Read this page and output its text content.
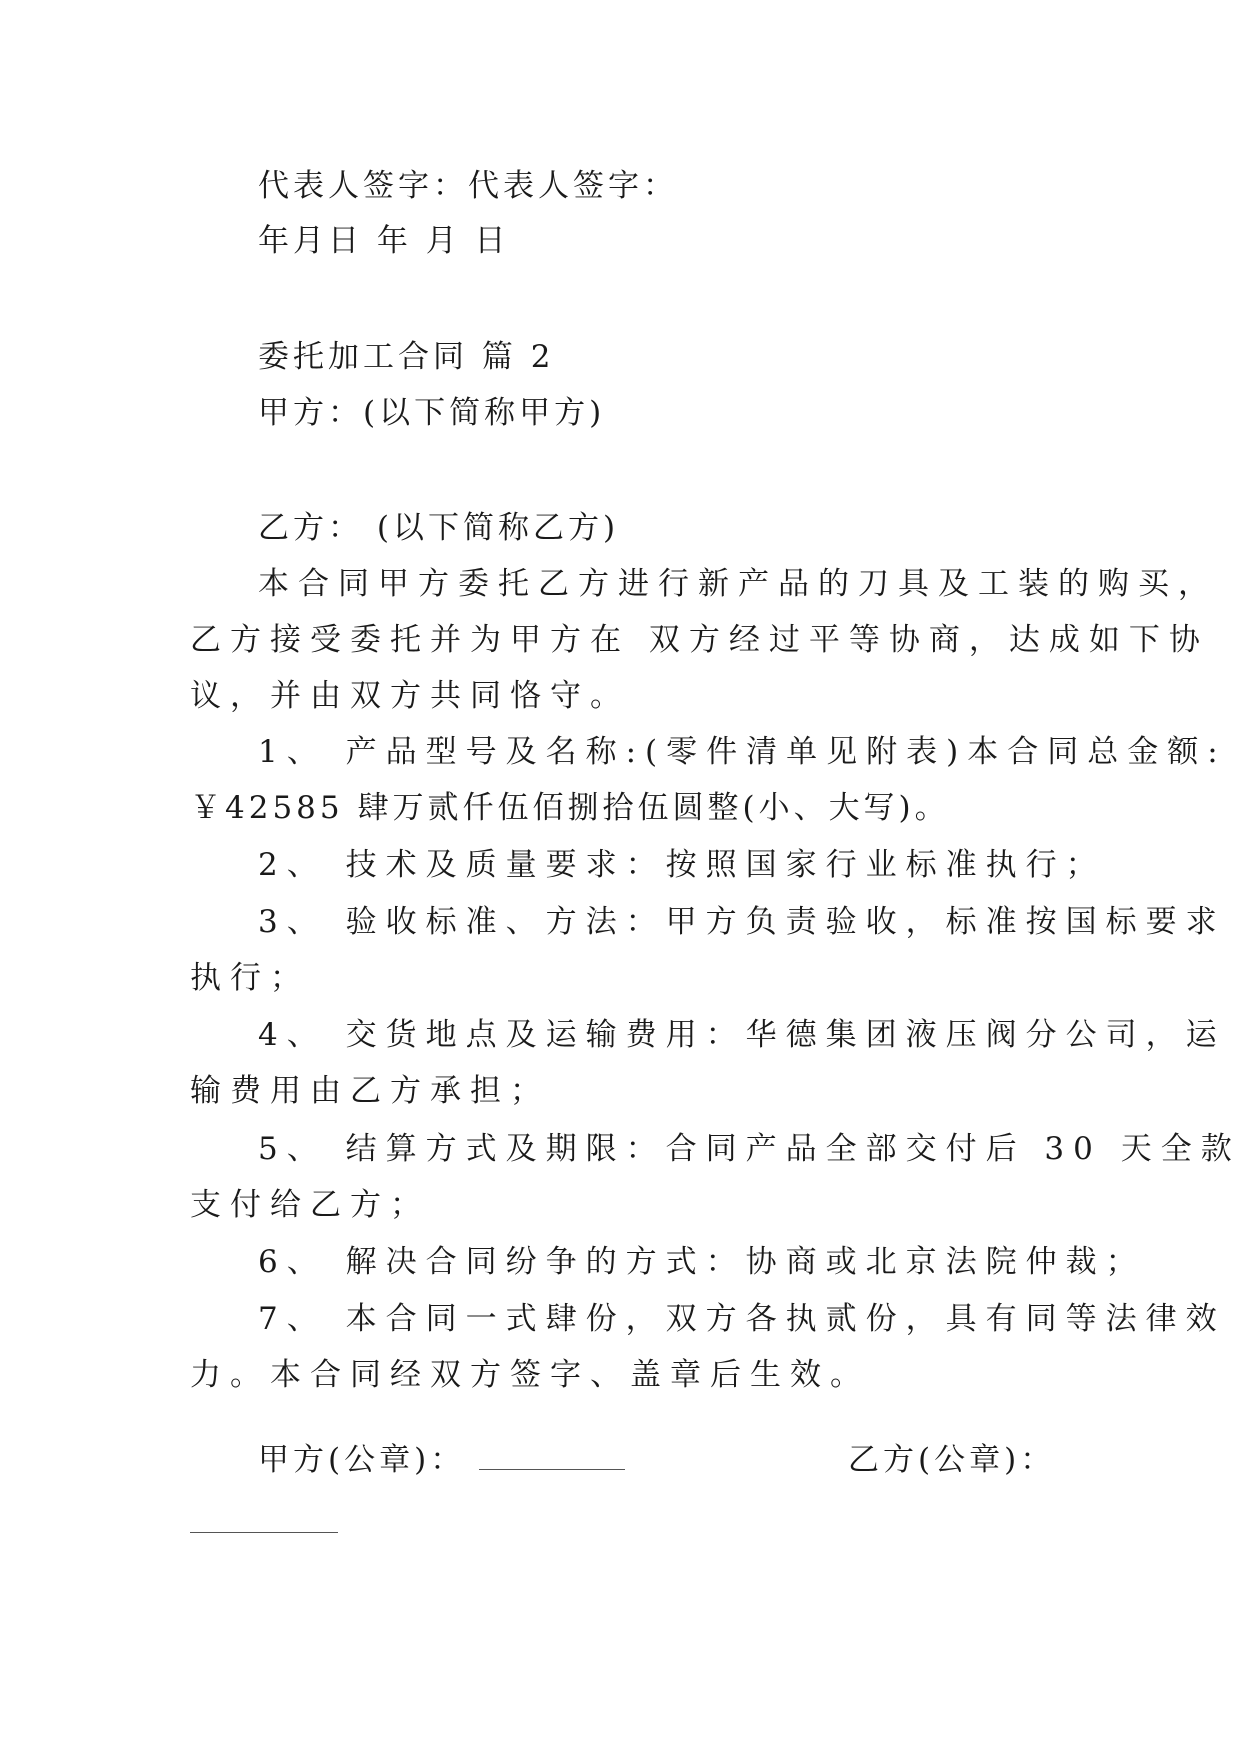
代表人签字：代表人签字：
年月日 年 月 日
委托加工合同 篇 2
甲方：(以下简称甲方)
乙方： (以下简称乙方)
本合同甲方委托乙方进行新产品的刀具及工装的购买，
乙方接受委托并为甲方在 双方经过平等协商，达成如下协
议，并由双方共同恪守。
1、 产品型号及名称:(零件清单见附表)本合同总金额:
￥42585 肆万贰仟伍佰捌拾伍圆整(小、大写)。
2、 技术及质量要求：按照国家行业标准执行；
3、 验收标准、方法：甲方负责验收，标准按国标要求
执行；
4、 交货地点及运输费用：华德集团液压阀分公司，运
输费用由乙方承担；
5、 结算方式及期限：合同产品全部交付后 30 天全款
支付给乙方；
6、 解决合同纷争的方式：协商或北京法院仲裁；
7、 本合同一式肆份，双方各执贰份，具有同等法律效
力。本合同经双方签字、盖章后生效。
甲方(公章)：	乙方(公章)：
